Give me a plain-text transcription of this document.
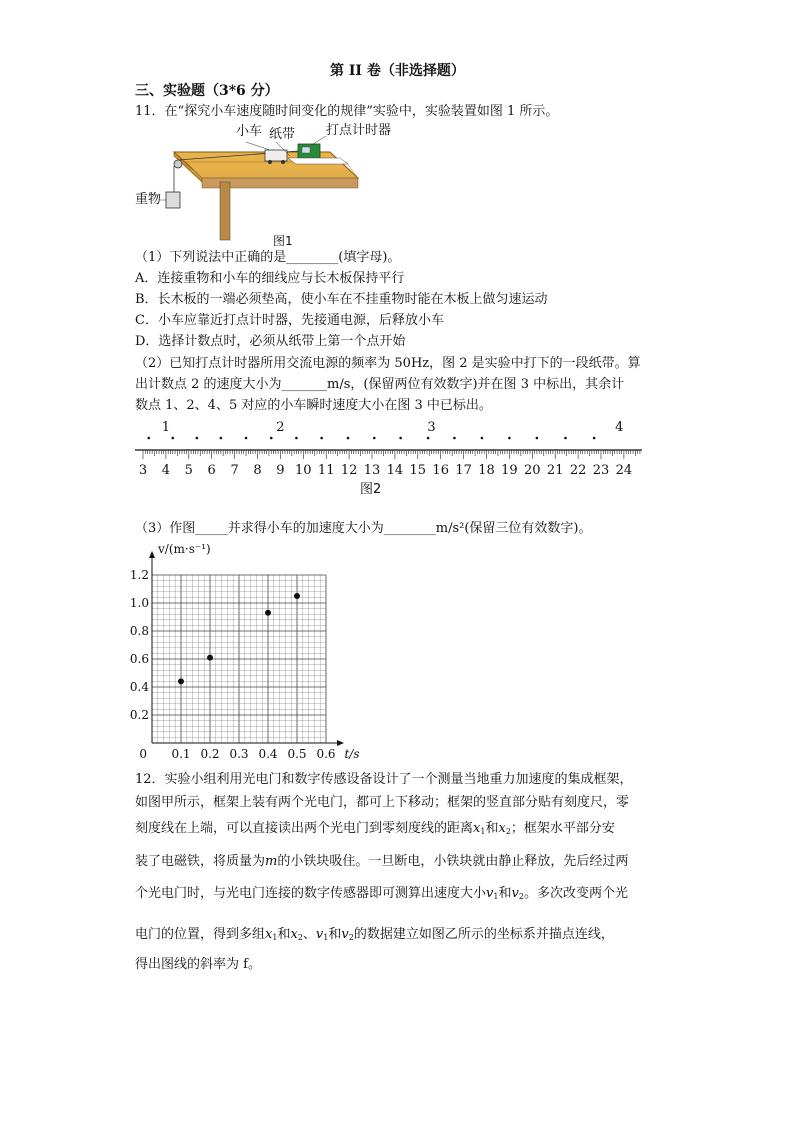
第 II 卷（非选择题）
三、实验题（3*6 分）
11．在“探究小车速度随时间变化的规律”实验中，实验装置如图 1 所示。
小车 纸带 打点计时器
重物
图1
（1）下列说法中正确的是________(填字母)。
A．连接重物和小车的细线应与长木板保持平行
B．长木板的一端必须垫高，使小车在不挂重物时能在木板上做匀速运动
C．小车应靠近打点计时器，先接通电源，后释放小车
D．选择计数点时，必须从纸带上第一个点开始
（2）已知打点计时器所用交流电源的频率为 50Hz，图 2 是实验中打下的一段纸带。算
出计数点 2 的速度大小为_______m/s，(保留两位有效数字)并在图 3 中标出，其余计
数点 1、2、4、5 对应的小车瞬时速度大小在图 3 中已标出。
3 4 5 6 7 8 9 10 11 12 13 14 15 16 17 18 19 20 21 22 23 24
1	2	3	4
图2
（3）作图_____并求得小车的加速度大小为________m/s²(保留三位有效数字)。
0.1 0.2 0.3 0.4 0.5 0.6
0.2
0.4
0.6
0.8
1.0
1.2
0	t/s
v/(m·s⁻¹)
12．实验小组利用光电门和数字传感设备设计了一个测量当地重力加速度的集成框架，
如图甲所示，框架上装有两个光电门，都可上下移动；框架的竖直部分贴有刻度尺，零
刻度线在上端，可以直接读出两个光电门到零刻度线的距离$x_1$和$x_2$；框架水平部分安
装了电磁铁，将质量为m的小铁块吸住。一旦断电，小铁块就由静止释放，先后经过两
个光电门时，与光电门连接的数字传感器即可测算出速度大小$v_1$和$v_2$。多次改变两个光
电门的位置，得到多组$x_1$和$x_2$、$v_1$和$v_2$的数据建立如图乙所示的坐标系并描点连线，
得出图线的斜率为 f。
